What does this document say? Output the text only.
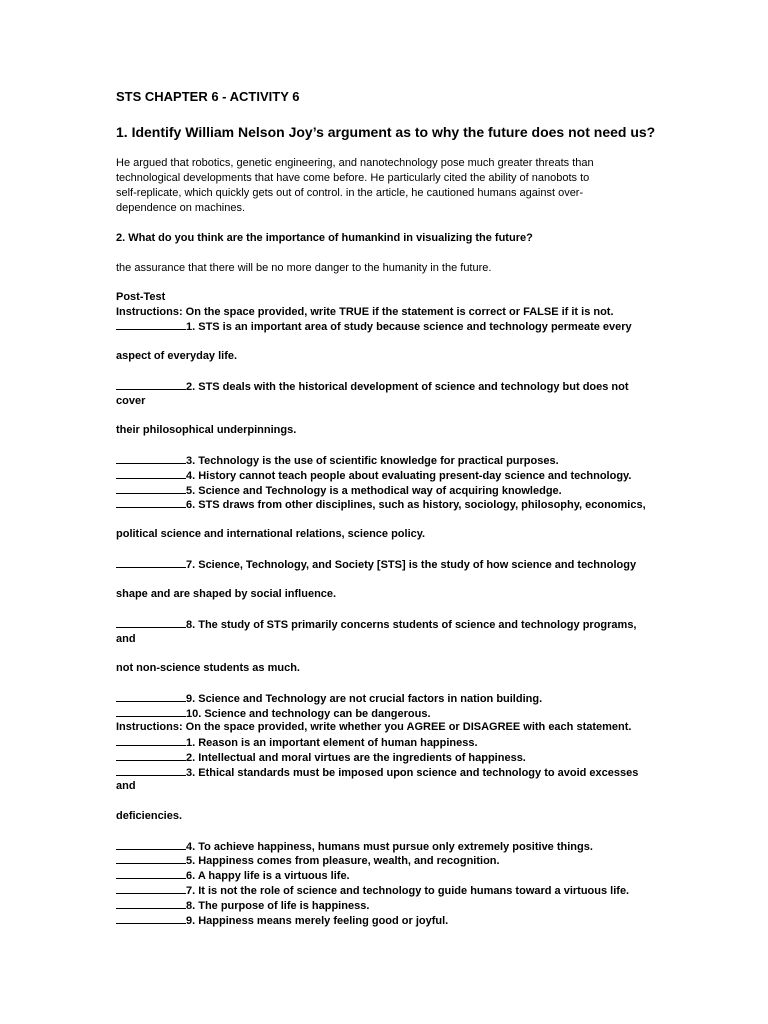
STS CHAPTER 6 - ACTIVITY 6
1. Identify William Nelson Joy’s argument as to why the future does not need us?
He argued that robotics, genetic engineering, and nanotechnology pose much greater threats than
technological developments that have come before. He particularly cited the ability of nanobots to
self-replicate, which quickly gets out of control. in the article, he cautioned humans against over-
dependence on machines.
2. What do you think are the importance of humankind in visualizing the future?
the assurance that there will be no more danger to the humanity in the future.
Post-Test
Instructions: On the space provided, write TRUE if the statement is correct or FALSE if it is not.
1. STS is an important area of study because science and technology permeate every
aspect of everyday life.
2. STS deals with the historical development of science and technology but does not
cover
their philosophical underpinnings.
3. Technology is the use of scientific knowledge for practical purposes.
4. History cannot teach people about evaluating present-day science and technology.
5. Science and Technology is a methodical way of acquiring knowledge.
6. STS draws from other disciplines, such as history, sociology, philosophy, economics,
political science and international relations, science policy.
7. Science, Technology, and Society [STS] is the study of how science and technology
shape and are shaped by social influence.
8. The study of STS primarily concerns students of science and technology programs,
and
not non-science students as much.
9. Science and Technology are not crucial factors in nation building.
10. Science and technology can be dangerous.
Instructions: On the space provided, write whether you AGREE or DISAGREE with each statement.
1. Reason is an important element of human happiness.
2. Intellectual and moral virtues are the ingredients of happiness.
3. Ethical standards must be imposed upon science and technology to avoid excesses
and
deficiencies.
4. To achieve happiness, humans must pursue only extremely positive things.
5. Happiness comes from pleasure, wealth, and recognition.
6. A happy life is a virtuous life.
7. It is not the role of science and technology to guide humans toward a virtuous life.
8. The purpose of life is happiness.
9. Happiness means merely feeling good or joyful.
